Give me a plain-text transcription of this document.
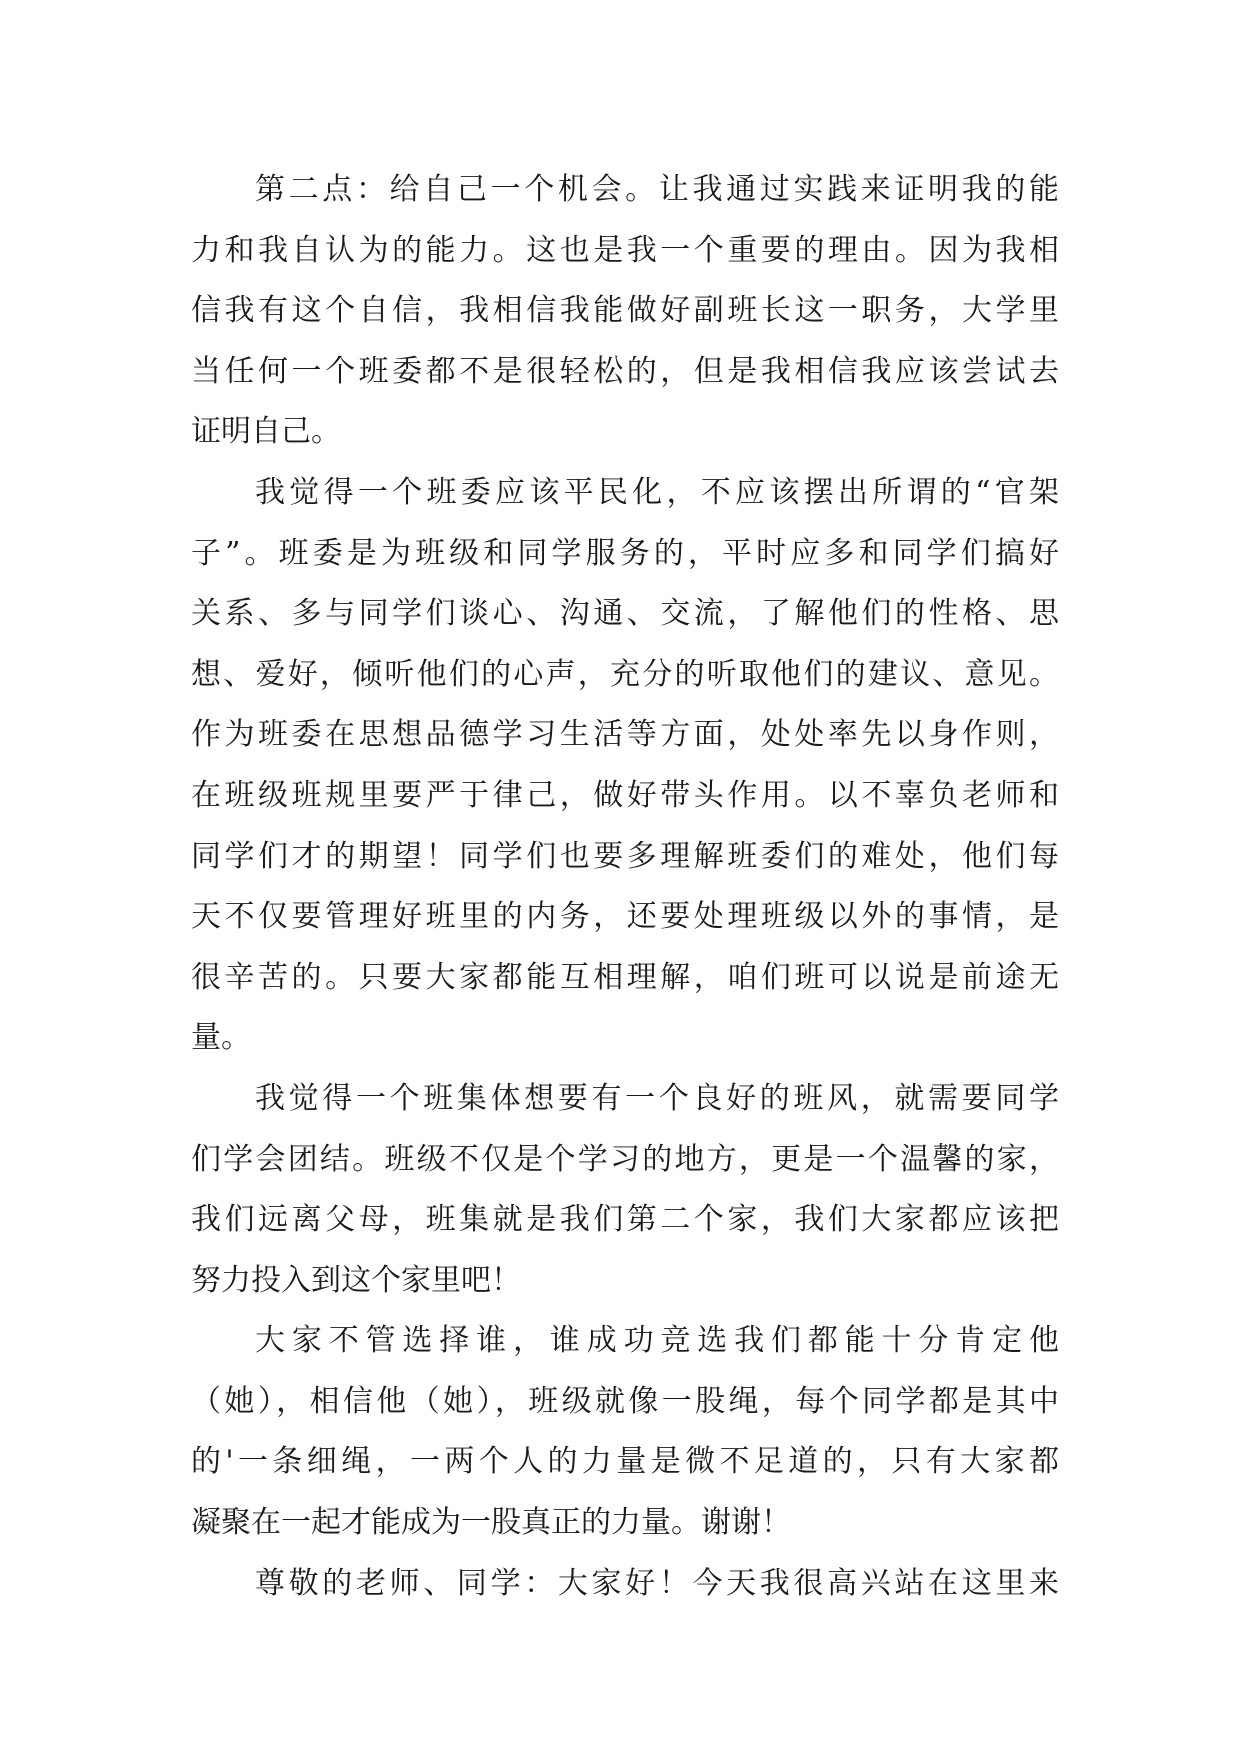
第二点：给自己一个机会。让我通过实践来证明我的能
力和我自认为的能力。这也是我一个重要的理由。因为我相
信我有这个自信，我相信我能做好副班长这一职务，大学里
当任何一个班委都不是很轻松的，但是我相信我应该尝试去
证明自己。
我觉得一个班委应该平民化，不应该摆出所谓的“官架
子”。班委是为班级和同学服务的，平时应多和同学们搞好
关系、多与同学们谈心、沟通、交流，了解他们的性格、思
想、爱好，倾听他们的心声，充分的听取他们的建议、意见。
作为班委在思想品德学习生活等方面，处处率先以身作则，
在班级班规里要严于律己，做好带头作用。以不辜负老师和
同学们才的期望！同学们也要多理解班委们的难处，他们每
天不仅要管理好班里的内务，还要处理班级以外的事情，是
很辛苦的。只要大家都能互相理解，咱们班可以说是前途无
量。
我觉得一个班集体想要有一个良好的班风，就需要同学
们学会团结。班级不仅是个学习的地方，更是一个温馨的家，
我们远离父母，班集就是我们第二个家，我们大家都应该把
努力投入到这个家里吧！
大家不管选择谁，谁成功竞选我们都能十分肯定他
（她），相信他（她），班级就像一股绳，每个同学都是其中
的'一条细绳，一两个人的力量是微不足道的，只有大家都
凝聚在一起才能成为一股真正的力量。谢谢！
尊敬的老师、同学：大家好！今天我很高兴站在这里来
